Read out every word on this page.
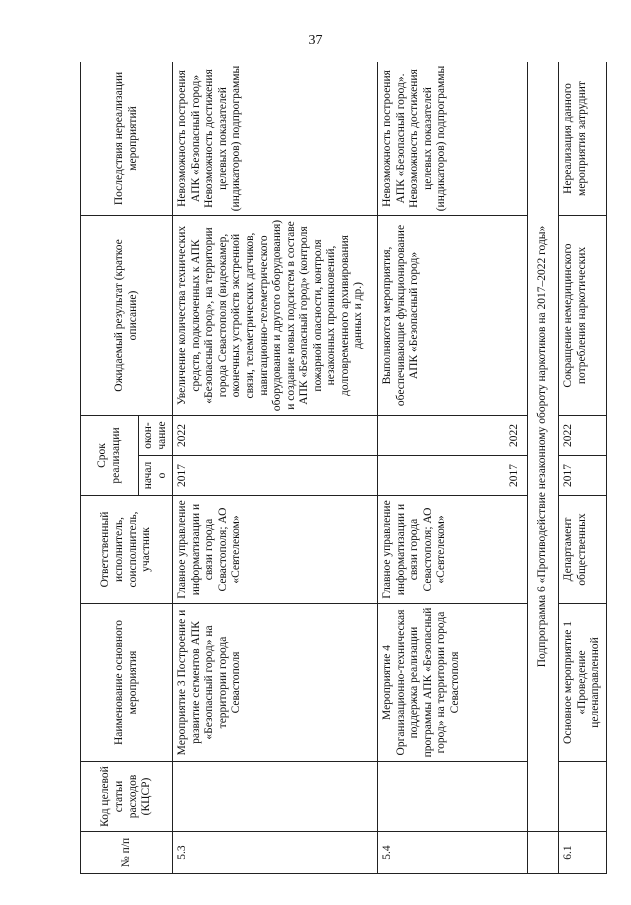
37
№ п/п	Код целевой статьи расходов (КЦСР)	Наименование основного мероприятия	Ответственный исполнитель, соисполнитель, участник	Срок реализации		Ожидаемый результат (краткое описание)	Последствия нереализации мероприятий
				начало	окон- чание		
5.3		Мероприятие 3 Построение и развитие сегментов АПК «Безопасный город» на территории города Севастополя	Главное управление информатизации и связи города Севастополя; АО «Севтелеком»	2017	2022	Увеличение количества технических средств, подключенных к АПК «Безопасный город», на территории города Севастополя (видеокамер, оконечных устройств экстренной связи, телеметрических датчиков, навигационно-телеметрического оборудования и другого оборудования) и создание новых подсистем в составе АПК «Безопасный город» (контроля пожарной опасности, контроля незаконных проникновений, долговременного архивирования данных и др.)	Невозможность построения АПК «Безопасный город» Невозможность достижения целевых показателей (индикаторов) подпрограммы
5.4		Мероприятие 4 Организационно-техническая поддержка реализации программы АПК «Безопасный город» на территории города Севастополя	Главное управление информатизации и связи города Севастополя; АО «Севтелеком»	2017	2022	Выполняются мероприятия, обеспечивающие функционирование АПК «Безопасный город»	Невозможность построения АПК «Безопасный город». Невозможность достижения целевых показателей (индикаторов) подпрограммы
	Подпрограмма 6 «Противодействие незаконному обороту наркотиков на 2017–2022 годы»						
6.1		Основное мероприятие 1 «Проведение целенаправленной	Департамент общественных	2017	2022	Сокращение немедицинского потребления наркотических	Нереализация данного мероприятия затруднит
